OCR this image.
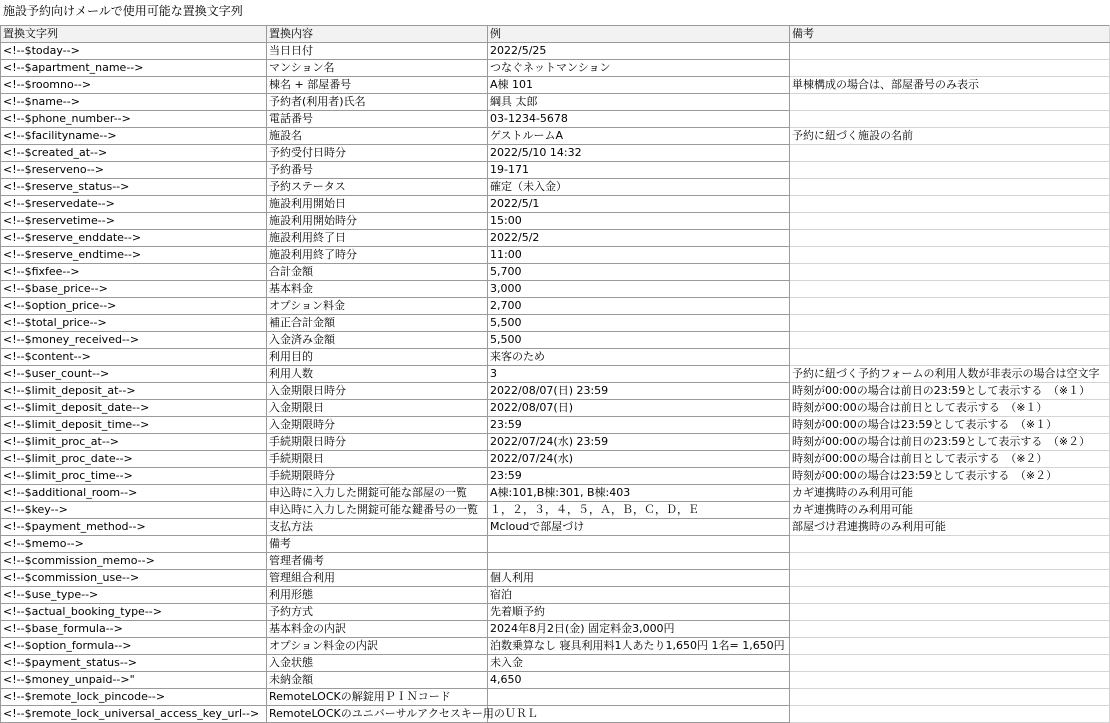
施設予約向けメールで使用可能な置換文字列
置換文字列	置換内容	例	備考
<!--$today-->	当日日付	2022/5/25	
<!--$apartment_name-->	マンション名	つなぐネットマンション	
<!--$roomno-->	棟名 + 部屋番号	A棟 101	単棟構成の場合は、部屋番号のみ表示
<!--$name-->	予約者(利用者)氏名	綱具 太郎	
<!--$phone_number-->	電話番号	03-1234-5678	
<!--$facilityname-->	施設名	ゲストルームA	予約に紐づく施設の名前
<!--$created_at-->	予約受付日時分	2022/5/10 14:32	
<!--$reserveno-->	予約番号	19-171	
<!--$reserve_status-->	予約ステータス	確定（未入金）	
<!--$reservedate-->	施設利用開始日	2022/5/1	
<!--$reservetime-->	施設利用開始時分	15:00	
<!--$reserve_enddate-->	施設利用終了日	2022/5/2	
<!--$reserve_endtime-->	施設利用終了時分	11:00	
<!--$fixfee-->	合計金額	5,700	
<!--$base_price-->	基本料金	3,000	
<!--$option_price-->	オプション料金	2,700	
<!--$total_price-->	補正合計金額	5,500	
<!--$money_received-->	入金済み金額	5,500	
<!--$content-->	利用目的	来客のため	
<!--$user_count-->	利用人数	3	予約に紐づく予約フォームの利用人数が非表示の場合は空文字
<!--$limit_deposit_at-->	入金期限日時分	2022/08/07(日) 23:59	時刻が00:00の場合は前日の23:59として表示する　（※１）
<!--$limit_deposit_date-->	入金期限日	2022/08/07(日)	時刻が00:00の場合は前日として表示する　（※１）
<!--$limit_deposit_time-->	入金期限時分	23:59	時刻が00:00の場合は23:59として表示する　（※１）
<!--$limit_proc_at-->	手続期限日時分	2022/07/24(水) 23:59	時刻が00:00の場合は前日の23:59として表示する　（※２）
<!--$limit_proc_date-->	手続期限日	2022/07/24(水)	時刻が00:00の場合は前日として表示する　（※２）
<!--$limit_proc_time-->	手続期限時分	23:59	時刻が00:00の場合は23:59として表示する　（※２）
<!--$additional_room-->	申込時に入力した開錠可能な部屋の一覧	A棟:101,B棟:301, B棟:403	カギ連携時のみ利用可能
<!--$key-->	申込時に入力した開錠可能な鍵番号の一覧	１，２，３，４，５，Ａ，Ｂ，Ｃ，Ｄ，Ｅ	カギ連携時のみ利用可能
<!--$payment_method-->	支払方法	Mcloudで部屋づけ	部屋づけ君連携時のみ利用可能
<!--$memo-->	備考		
<!--$commission_memo-->	管理者備考		
<!--$commission_use-->	管理組合利用	個人利用	
<!--$use_type-->	利用形態	宿泊	
<!--$actual_booking_type-->	予約方式	先着順予約	
<!--$base_formula-->	基本料金の内訳	2024年8月2日(金) 固定料金3,000円	
<!--$option_formula-->	オプション料金の内訳	泊数乗算なし 寝具利用料1人あたり1,650円 1名= 1,650円	
<!--$payment_status-->	入金状態	未入金	
<!--$money_unpaid-->"	未納金額	4,650	
<!--$remote_lock_pincode-->	RemoteLOCKの解錠用ＰＩＮコード		
<!--$remote_lock_universal_access_key_url-->	RemoteLOCKのユニバーサルアクセスキー用のＵＲＬ		
